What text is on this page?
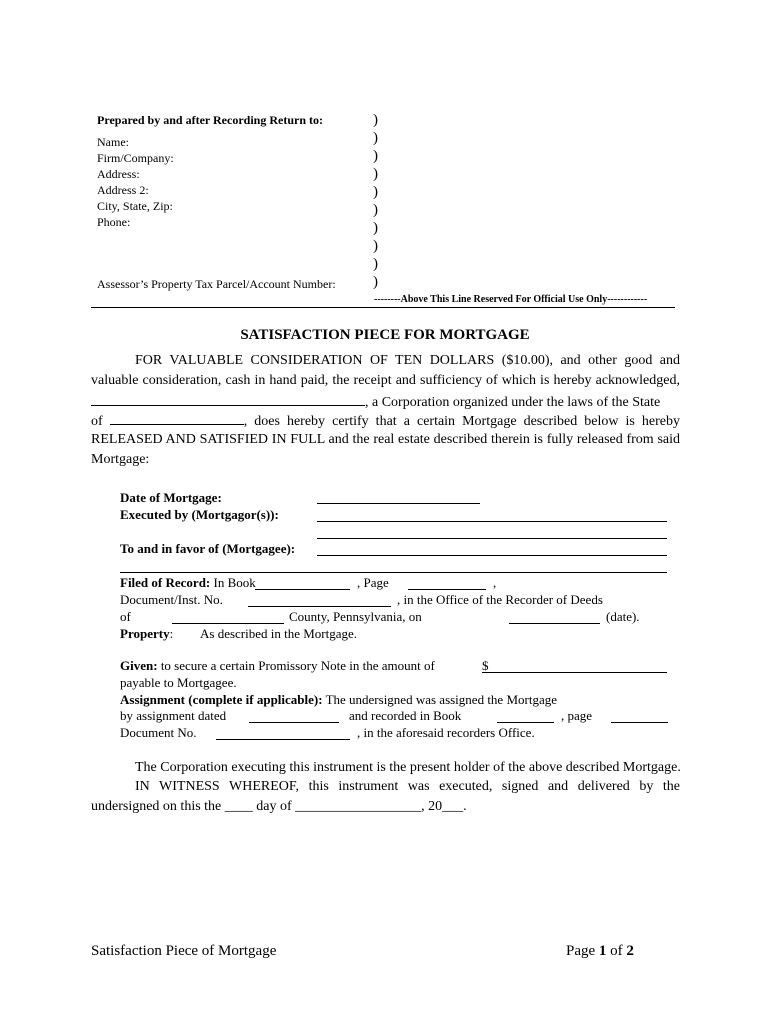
Prepared by and after Recording Return to:
Name:
Firm/Company:
Address:
Address 2:
City, State, Zip:
Phone:
Assessor’s Property Tax Parcel/Account Number:
)
)
)
)
)
)
)
)
)
)
--------Above This Line Reserved For Official Use Only------------
SATISFACTION PIECE FOR MORTGAGE
FOR VALUABLE CONSIDERATION OF TEN DOLLARS ($10.00), and other good and
valuable consideration, cash in hand paid, the receipt and sufficiency of which is hereby acknowledged,
, a Corporation organized under the laws of the State
of	, does hereby certify that a certain Mortgage described below is hereby
RELEASED AND SATISFIED IN FULL and the real estate described therein is fully released from said
Mortgage:
Date of Mortgage:
Executed by (Mortgagor(s)):
To and in favor of (Mortgagee):
Filed of Record: In Book	, Page	,
Document/Inst. No.	, in the Office of the Recorder of Deeds
of	County, Pennsylvania, on	(date).
Property: As described in the Mortgage.
Given: to secure a certain Promissory Note in the amount of	$
payable to Mortgagee.
Assignment (complete if applicable): The undersigned was assigned the Mortgage
by assignment dated	and recorded in Book	, page
Document No.	, in the aforesaid recorders Office.
The Corporation executing this instrument is the present holder of the above described Mortgage.
IN WITNESS WHEREOF, this instrument was executed, signed and delivered by the
undersigned on this the ____ day of __________________, 20___.
Satisfaction Piece of Mortgage	Page 1 of 2
